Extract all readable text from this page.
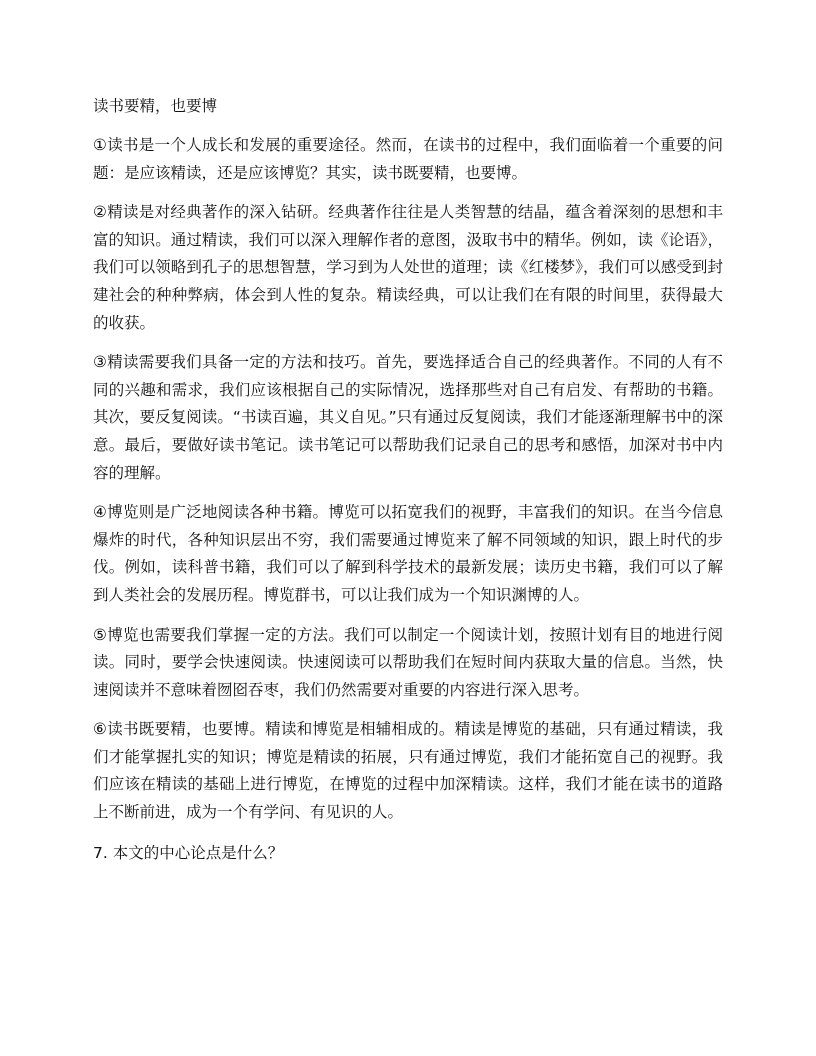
读书要精，也要博

①读书是一个人成长和发展的重要途径。然而，在读书的过程中，我们面临着一个重要的问题：是应该精读，还是应该博览？其实，读书既要精，也要博。

②精读是对经典著作的深入钻研。经典著作往往是人类智慧的结晶，蕴含着深刻的思想和丰富的知识。通过精读，我们可以深入理解作者的意图，汲取书中的精华。例如，读《论语》，我们可以领略到孔子的思想智慧，学习到为人处世的道理；读《红楼梦》，我们可以感受到封建社会的种种弊病，体会到人性的复杂。精读经典，可以让我们在有限的时间里，获得最大的收获。

③精读需要我们具备一定的方法和技巧。首先，要选择适合自己的经典著作。不同的人有不同的兴趣和需求，我们应该根据自己的实际情况，选择那些对自己有启发、有帮助的书籍。其次，要反复阅读。“书读百遍，其义自见。”只有通过反复阅读，我们才能逐渐理解书中的深意。最后，要做好读书笔记。读书笔记可以帮助我们记录自己的思考和感悟，加深对书中内容的理解。

④博览则是广泛地阅读各种书籍。博览可以拓宽我们的视野，丰富我们的知识。在当今信息爆炸的时代，各种知识层出不穷，我们需要通过博览来了解不同领域的知识，跟上时代的步伐。例如，读科普书籍，我们可以了解到科学技术的最新发展；读历史书籍，我们可以了解到人类社会的发展历程。博览群书，可以让我们成为一个知识渊博的人。

⑤博览也需要我们掌握一定的方法。我们可以制定一个阅读计划，按照计划有目的地进行阅读。同时，要学会快速阅读。快速阅读可以帮助我们在短时间内获取大量的信息。当然，快速阅读并不意味着囫囵吞枣，我们仍然需要对重要的内容进行深入思考。

⑥读书既要精，也要博。精读和博览是相辅相成的。精读是博览的基础，只有通过精读，我们才能掌握扎实的知识；博览是精读的拓展，只有通过博览，我们才能拓宽自己的视野。我们应该在精读的基础上进行博览，在博览的过程中加深精读。这样，我们才能在读书的道路上不断前进，成为一个有学问、有见识的人。

7. 本文的中心论点是什么？
